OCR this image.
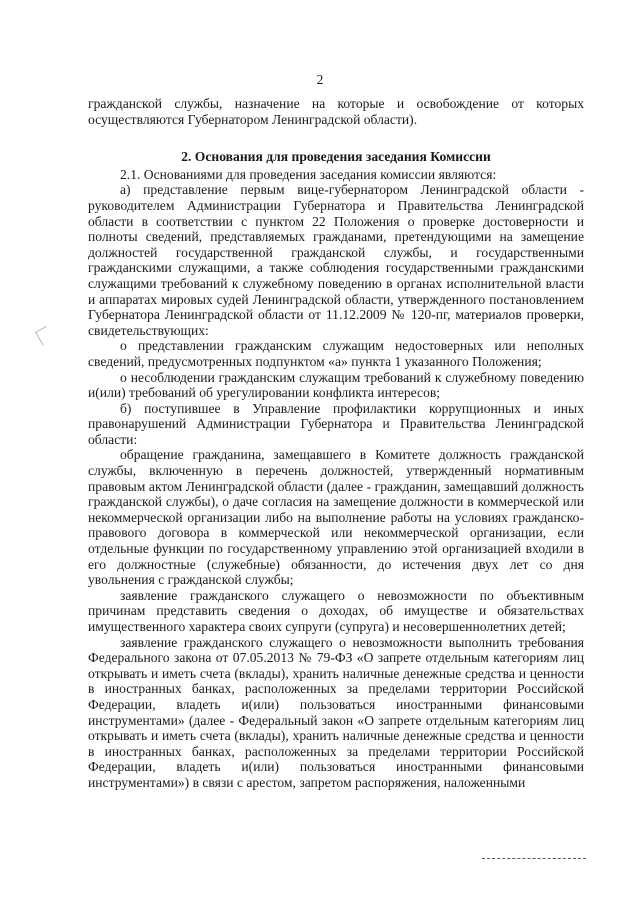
2

гражданской службы, назначение на которые и освобождение от которых осуществляются Губернатором Ленинградской области).

2. Основания для проведения заседания Комиссии

2.1. Основаниями для проведения заседания комиссии являются:

а) представление первым вице-губернатором Ленинградской области - руководителем Администрации Губернатора и Правительства Ленинградской области в соответствии с пунктом 22 Положения о проверке достоверности и полноты сведений, представляемых гражданами, претендующими на замещение должностей государственной гражданской службы, и государственными гражданскими служащими, а также соблюдения государственными гражданскими служащими требований к служебному поведению в органах исполнительной власти и аппаратах мировых судей Ленинградской области, утвержденного постановлением Губернатора Ленинградской области от 11.12.2009 № 120-пг, материалов проверки, свидетельствующих:

о представлении гражданским служащим недостоверных или неполных сведений, предусмотренных подпунктом «а» пункта 1 указанного Положения;

о несоблюдении гражданским служащим требований к служебному поведению и(или) требований об урегулировании конфликта интересов;

б) поступившее в Управление профилактики коррупционных и иных правонарушений Администрации Губернатора и Правительства Ленинградской области:

обращение гражданина, замещавшего в Комитете должность гражданской службы, включенную в перечень должностей, утвержденный нормативным правовым актом Ленинградской области (далее - гражданин, замещавший должность гражданской службы), о даче согласия на замещение должности в коммерческой или некоммерческой организации либо на выполнение работы на условиях гражданско-правового договора в коммерческой или некоммерческой организации, если отдельные функции по государственному управлению этой организацией входили в его должностные (служебные) обязанности, до истечения двух лет со дня увольнения с гражданской службы;

заявление гражданского служащего о невозможности по объективным причинам представить сведения о доходах, об имуществе и обязательствах имущественного характера своих супруги (супруга) и несовершеннолетних детей;

заявление гражданского служащего о невозможности выполнить требования Федерального закона от 07.05.2013 № 79-ФЗ «О запрете отдельным категориям лиц открывать и иметь счета (вклады), хранить наличные денежные средства и ценности в иностранных банках, расположенных за пределами территории Российской Федерации, владеть и(или) пользоваться иностранными финансовыми инструментами» (далее - Федеральный закон «О запрете отдельным категориям лиц открывать и иметь счета (вклады), хранить наличные денежные средства и ценности в иностранных банках, расположенных за пределами территории Российской Федерации, владеть и(или) пользоваться иностранными финансовыми инструментами») в связи с арестом, запретом распоряжения, наложенными
